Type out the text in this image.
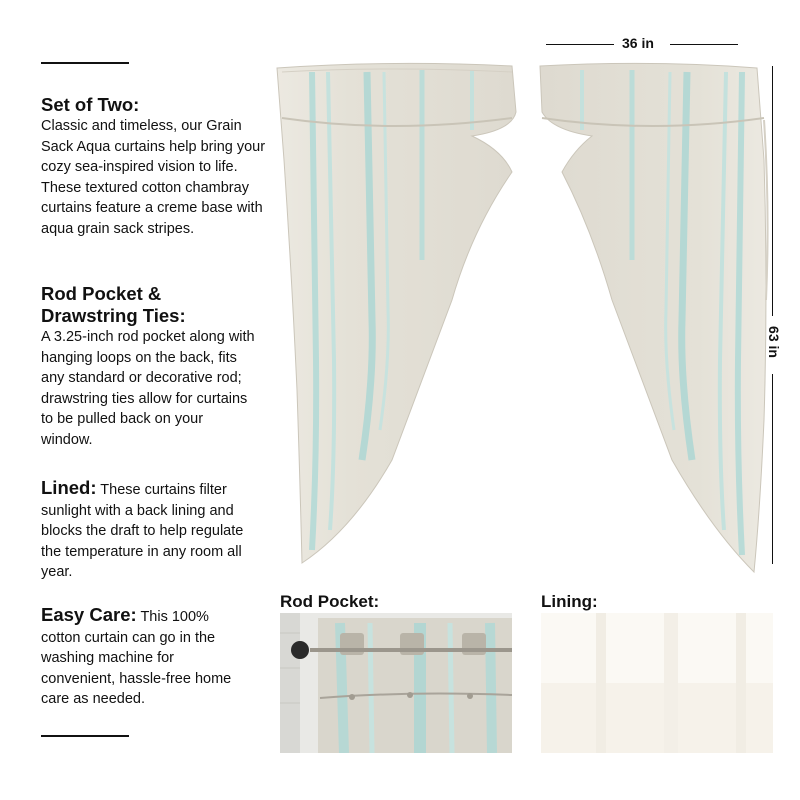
Set of Two:

Classic and timeless, our Grain Sack Aqua curtains help bring your cozy sea-inspired vision to life. These textured cotton chambray curtains feature a creme base with aqua grain sack stripes.

Rod Pocket & Drawstring Ties:

A 3.25-inch rod pocket along with hanging loops on the back, fits any standard or decorative rod; drawstring ties allow for curtains to be pulled back on your window.

Lined: These curtains filter sunlight with a back lining and blocks the draft to help regulate the temperature in any room all year.

Easy Care: This 100% cotton curtain can go in the washing machine for convenient, hassle-free home care as needed.

36 in
63 in
Rod Pocket:	Lining:
